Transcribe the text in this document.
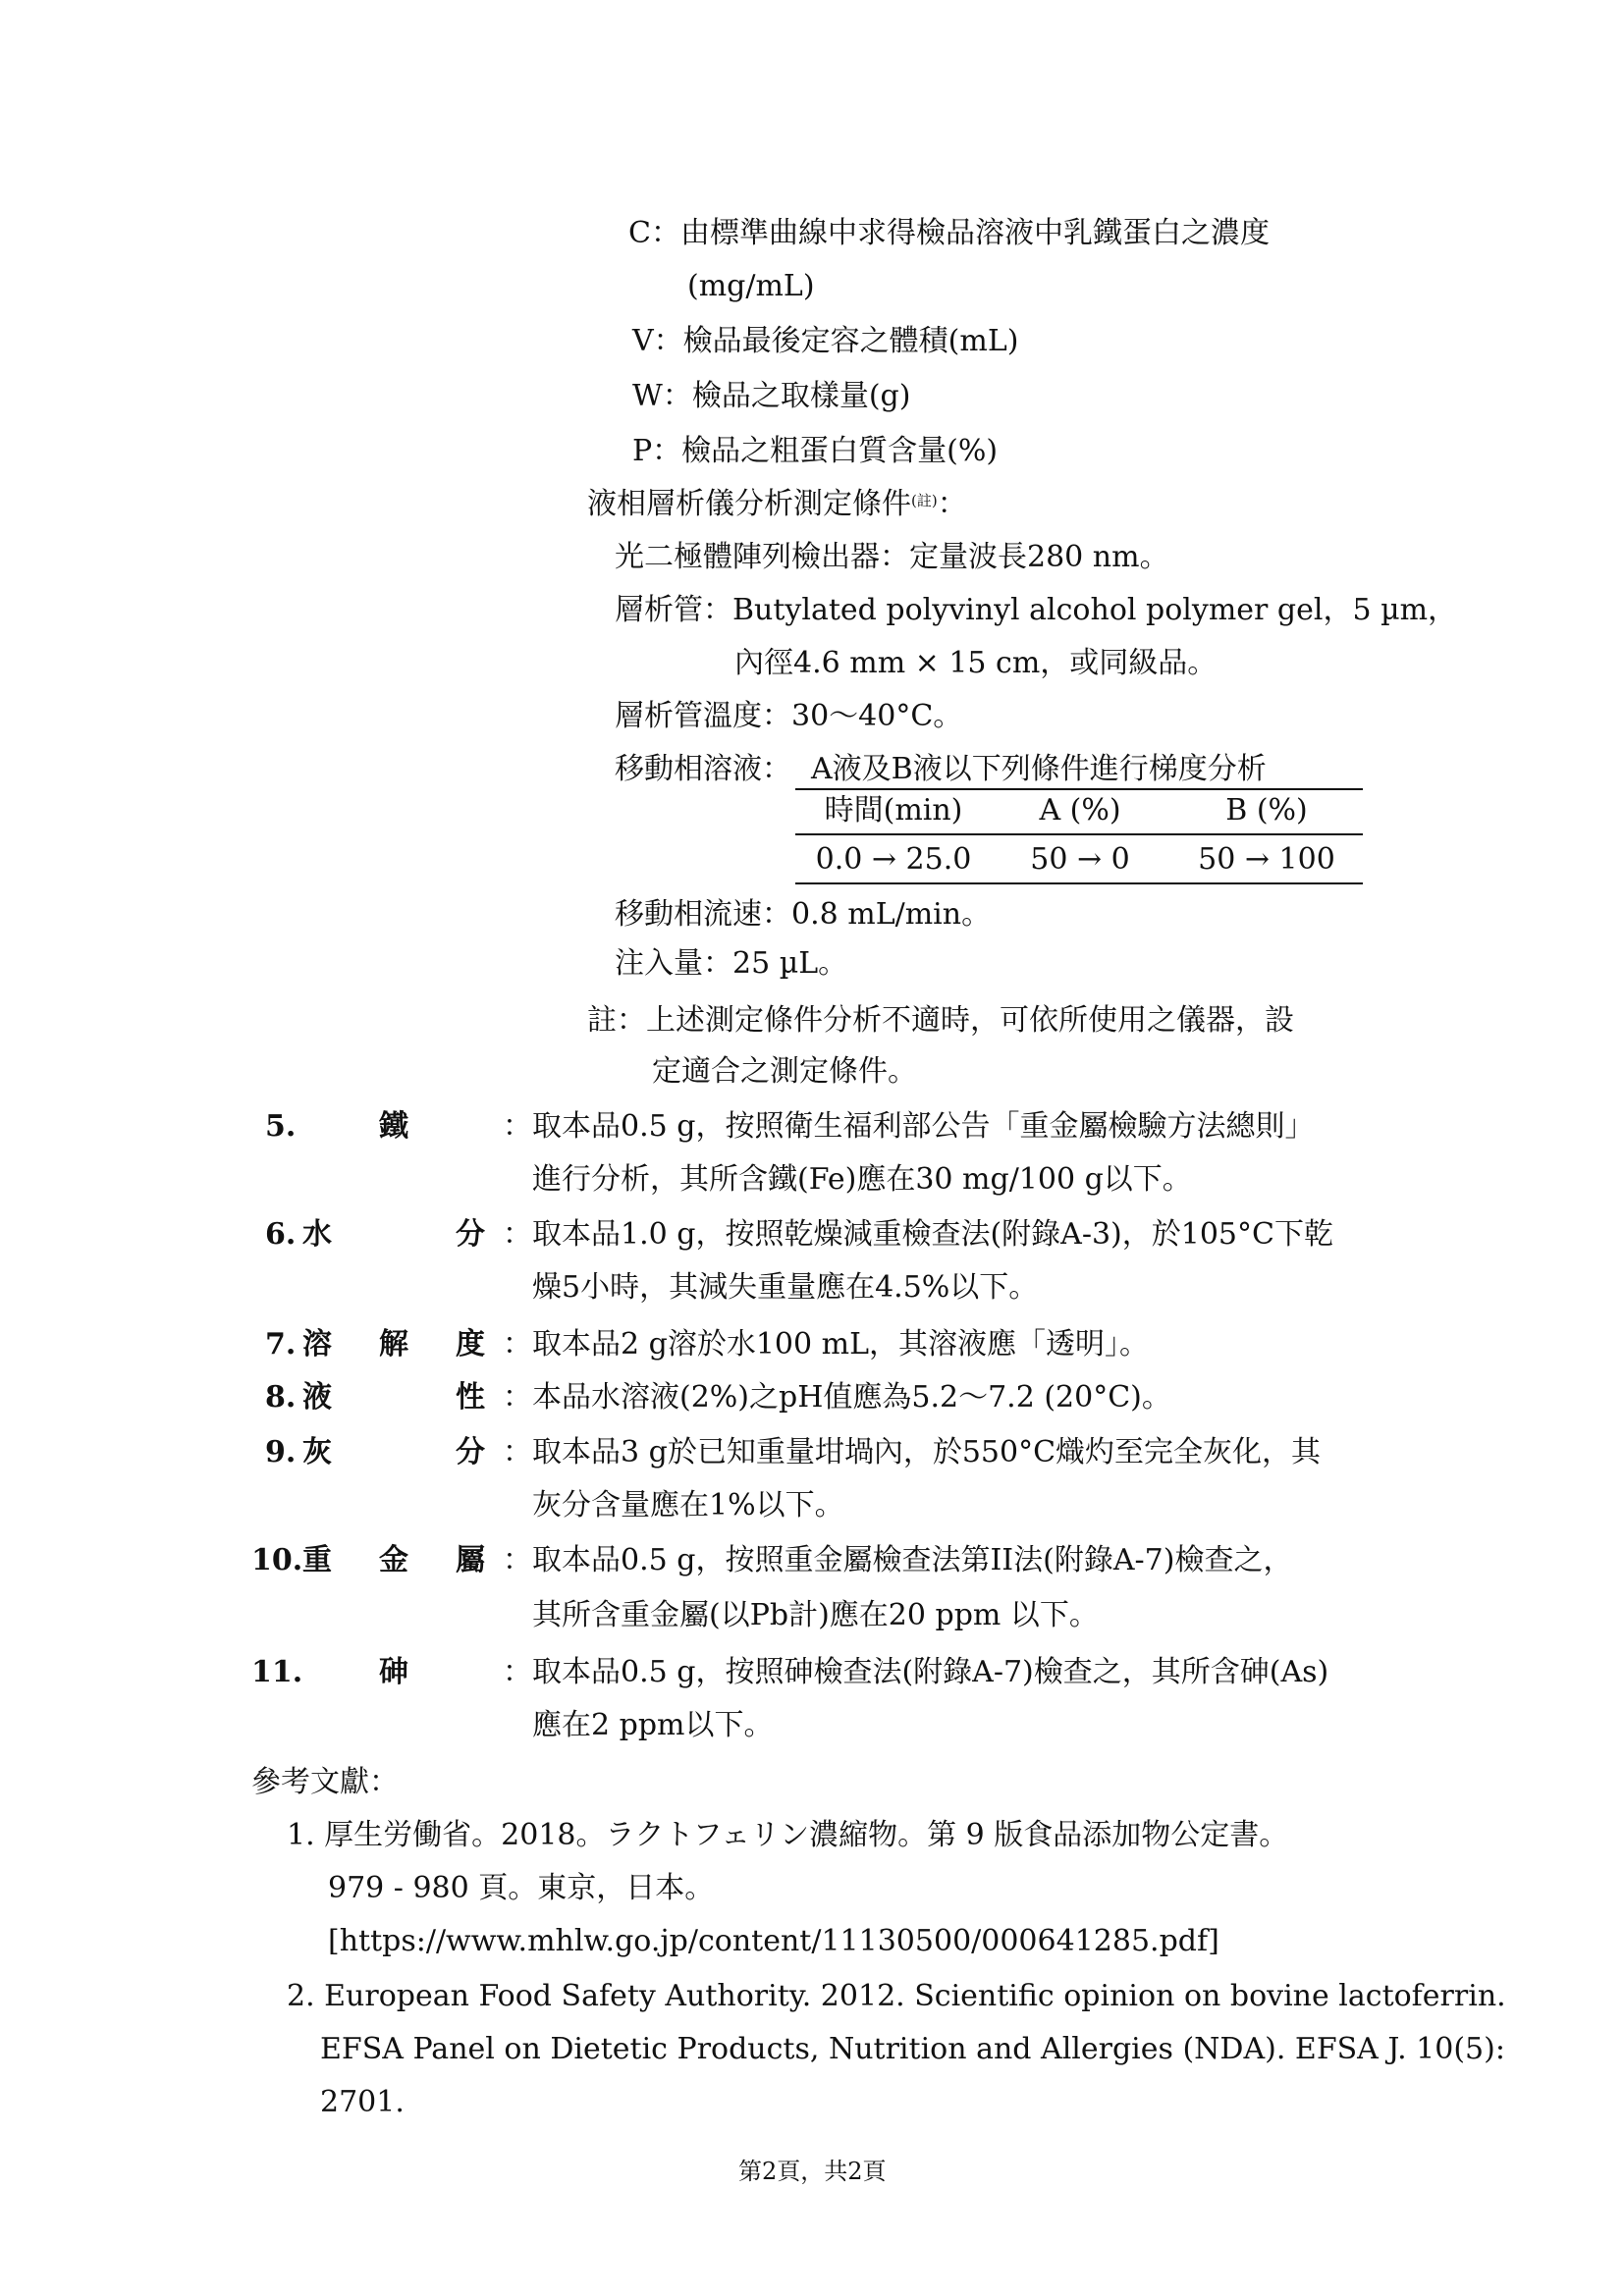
C：由標準曲線中求得檢品溶液中乳鐵蛋白之濃度
(mg/mL)
V：檢品最後定容之體積(mL)
W：檢品之取樣量(g)
P：檢品之粗蛋白質含量(%)
液相層析儀分析測定條件$^{(註)}$：
光二極體陣列檢出器：定量波長280 nm。
層析管：Butylated polyvinyl alcohol polymer gel，5 µm，
內徑4.6 mm × 15 cm，或同級品。
層析管溫度：30～40°C。
移動相溶液： A液及B液以下列條件進行梯度分析
時間(min)	A (%)	B (%)
0.0 → 25.0	50 → 0	50 → 100
移動相流速：0.8 mL/min。
注入量：25 µL。
註：上述測定條件分析不適時，可依所使用之儀器，設
定適合之測定條件。
5.	鐵	：取本品0.5 g，按照衛生福利部公告「重金屬檢驗方法總則」
進行分析，其所含鐵(Fe)應在30 mg/100 g以下。
6. 水	分 ：取本品1.0 g，按照乾燥減重檢查法(附錄A-3)，於105°C下乾
燥5小時，其減失重量應在4.5%以下。
7. 溶 解 度 ：取本品2 g溶於水100 mL，其溶液應「透明」。
8. 液	性 ：本品水溶液(2%)之pH值應為5.2～7.2 (20°C)。
9. 灰	分 ：取本品3 g於已知重量坩堝內，於550°C熾灼至完全灰化，其
灰分含量應在1%以下。
10. 重 金 屬 ：取本品0.5 g，按照重金屬檢查法第II法(附錄A-7)檢查之，
其所含重金屬(以Pb計)應在20 ppm 以下。
11.	砷	：取本品0.5 g，按照砷檢查法(附錄A-7)檢查之，其所含砷(As)
應在2 ppm以下。
參考文獻：
1. 厚生労働省。2018。ラクトフェリン濃縮物。第 9 版食品添加物公定書。
979 - 980 頁。東京，日本。
[https://www.mhlw.go.jp/content/11130500/000641285.pdf]
2. European Food Safety Authority. 2012. Scientific opinion on bovine lactoferrin.
EFSA Panel on Dietetic Products, Nutrition and Allergies (NDA). EFSA J. 10(5):
2701.
第2頁，共2頁
